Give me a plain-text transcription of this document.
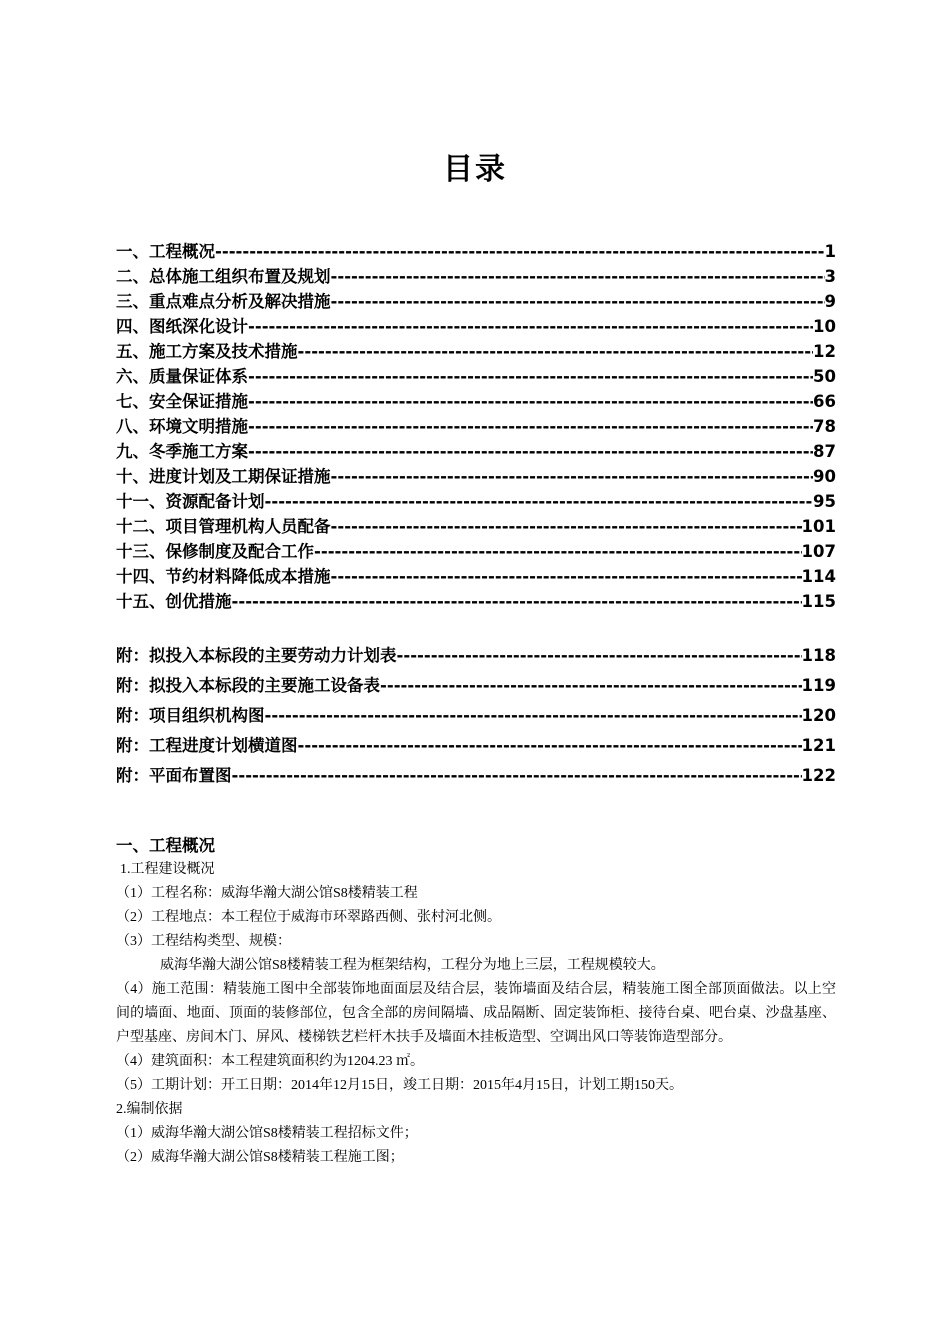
目录
一、工程概况 -----	1
二、总体施工组织布置及规划 -----	3
三、重点难点分析及解决措施 -----	9
四、图纸深化设计 -----	10
五、施工方案及技术措施 -----	12
六、质量保证体系 -----	50
七、安全保证措施 -----	66
八、环境文明措施 -----	78
九、冬季施工方案 -----	87
十、进度计划及工期保证措施 -----	90
十一、资源配备计划 -----	95
十二、项目管理机构人员配备 -----	101
十三、保修制度及配合工作 -----	107
十四、节约材料降低成本措施 -----	114
十五、创优措施 -----	115
附：拟投入本标段的主要劳动力计划表 -----	118
附：拟投入本标段的主要施工设备表 -----	119
附：项目组织机构图 -----	120
附：工程进度计划横道图 -----	121
附：平面布置图 -----	122
一、工程概况
1.工程建设概况
（1）工程名称：威海华瀚大湖公馆S8楼精装工程
（2）工程地点：本工程位于威海市环翠路西侧、张村河北侧。
（3）工程结构类型、规模：
威海华瀚大湖公馆S8楼精装工程为框架结构，工程分为地上三层，工程规模较大。
（4）施工范围：精装施工图中全部装饰地面面层及结合层，装饰墙面及结合层，精装施工图全部顶面做法。以上空间的墙面、地面、顶面的装修部位，包含全部的房间隔墙、成品隔断、固定装饰柜、接待台桌、吧台桌、沙盘基座、户型基座、房间木门、屏风、楼梯铁艺栏杆木扶手及墙面木挂板造型、空调出风口等装饰造型部分。
（4）建筑面积：本工程建筑面积约为1204.23 ㎡。
（5）工期计划：开工日期：2014年12月15日，竣工日期：2015年4月15日，计划工期150天。
2.编制依据
（1）威海华瀚大湖公馆S8楼精装工程招标文件；
（2）威海华瀚大湖公馆S8楼精装工程施工图；
